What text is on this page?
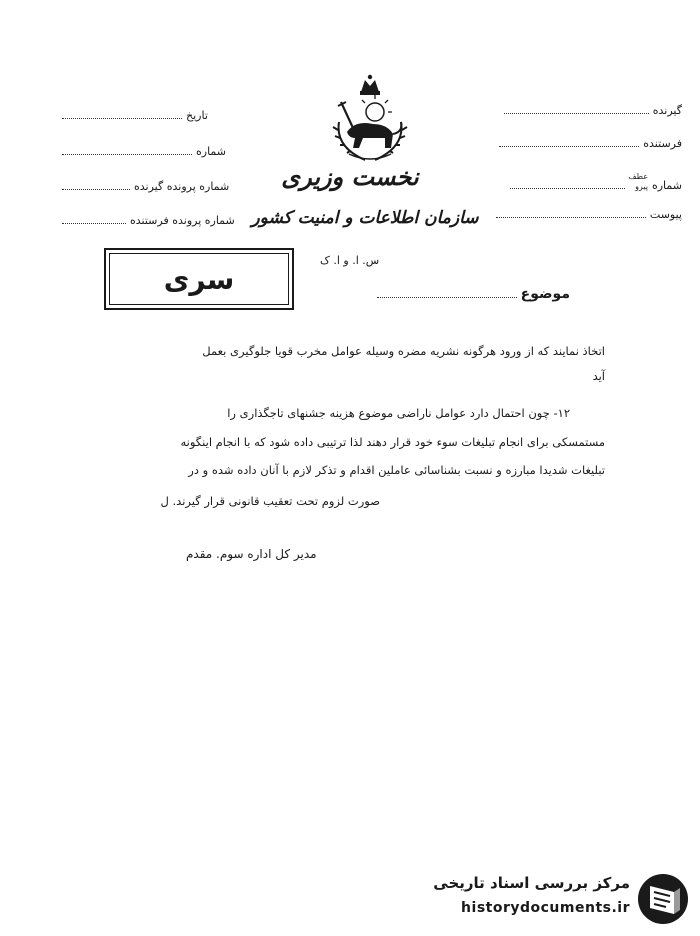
گیرنده
فرستنده
شماره
عطف
پیرو
پیوست
تاریخ
شماره
شماره پرونده گیرنده
شماره پرونده فرستنده
نخست وزیری
سازمان اطلاعات و امنیت کشور
س. ا. و ا. ک
سری	موضوع
اتخاذ نمایند که از ورود هرگونه نشریه مضره وسیله عوامل مخرب قویا جلوگیری بعمل
آید
۱۲- چون احتمال دارد عوامل ناراضی موضوع هزینه جشنهای تاجگذاری را
مستمسکی برای انجام تبلیغات سوء خود قرار دهند لذا ترتیبی داده شود که با انجام اینگونه
تبلیغات شدیدا مبارزه و نسبت بشناسائی عاملین اقدام و تذکر لازم با آنان داده شده و در
صورت لزوم تحت تعقیب قانونی قرار گیرند. ل
مدیر کل اداره سوم. مقدم
مرکز بررسی اسناد تاریخی
historydocuments.ir
